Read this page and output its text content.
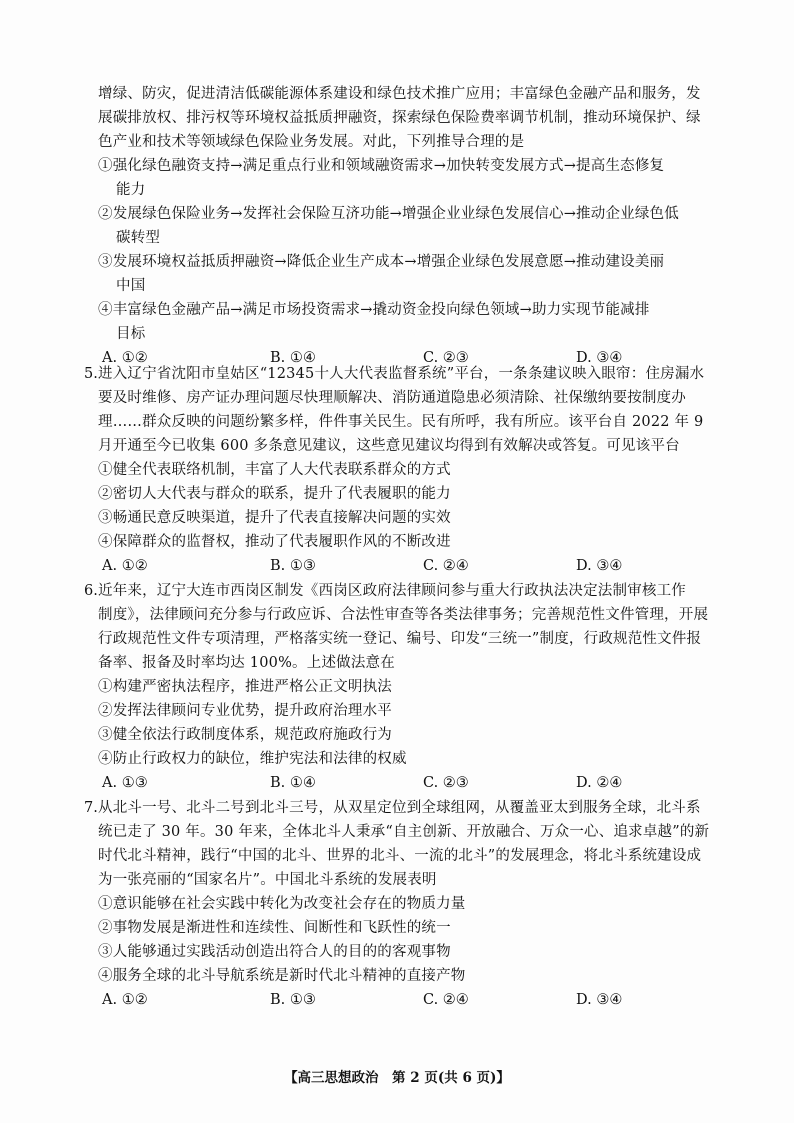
增绿、防灾，促进清洁低碳能源体系建设和绿色技术推广应用；丰富绿色金融产品和服务，发
展碳排放权、排污权等环境权益抵质押融资，探索绿色保险费率调节机制，推动环境保护、绿
色产业和技术等领域绿色保险业务发展。对此，下列推导合理的是
①强化绿色融资支持→满足重点行业和领域融资需求→加快转变发展方式→提高生态修复
能力
②发展绿色保险业务→发挥社会保险互济功能→增强企业业绿色发展信心→推动企业绿色低
碳转型
③发展环境权益抵质押融资→降低企业生产成本→增强企业绿色发展意愿→推动建设美丽
中国
④丰富绿色金融产品→满足市场投资需求→撬动资金投向绿色领域→助力实现节能减排
目标
A. ①②	B. ①④	C. ②③	D. ③④
5. 进入辽宁省沈阳市皇姑区“12345十人大代表监督系统”平台，一条条建议映入眼帘：住房漏水
要及时维修、房产证办理问题尽快理顺解决、消防通道隐患必须清除、社保缴纳要按制度办
理……群众反映的问题纷繁多样，件件事关民生。民有所呼，我有所应。该平台自 2022 年 9
月开通至今已收集 600 多条意见建议，这些意见建议均得到有效解决或答复。可见该平台
①健全代表联络机制，丰富了人大代表联系群众的方式
②密切人大代表与群众的联系，提升了代表履职的能力
③畅通民意反映渠道，提升了代表直接解决问题的实效
④保障群众的监督权，推动了代表履职作风的不断改进
A. ①②	B. ①③	C. ②④	D. ③④
6. 近年来，辽宁大连市西岗区制发《西岗区政府法律顾问参与重大行政执法决定法制审核工作
制度》，法律顾问充分参与行政应诉、合法性审查等各类法律事务；完善规范性文件管理，开展
行政规范性文件专项清理，严格落实统一登记、编号、印发“三统一”制度，行政规范性文件报
备率、报备及时率均达 100%。上述做法意在
①构建严密执法程序，推进严格公正文明执法
②发挥法律顾问专业优势，提升政府治理水平
③健全依法行政制度体系，规范政府施政行为
④防止行政权力的缺位，维护宪法和法律的权威
A. ①③	B. ①④	C. ②③	D. ②④
7. 从北斗一号、北斗二号到北斗三号，从双星定位到全球组网，从覆盖亚太到服务全球，北斗系
统已走了 30 年。30 年来，全体北斗人秉承“自主创新、开放融合、万众一心、追求卓越”的新
时代北斗精神，践行“中国的北斗、世界的北斗、一流的北斗”的发展理念，将北斗系统建设成
为一张亮丽的“国家名片”。中国北斗系统的发展表明
①意识能够在社会实践中转化为改变社会存在的物质力量
②事物发展是渐进性和连续性、间断性和飞跃性的统一
③人能够通过实践活动创造出符合人的目的的客观事物
④服务全球的北斗导航系统是新时代北斗精神的直接产物
A. ①②	B. ①③	C. ②④	D. ③④
【高三思想政治　第 2 页(共 6 页)】
